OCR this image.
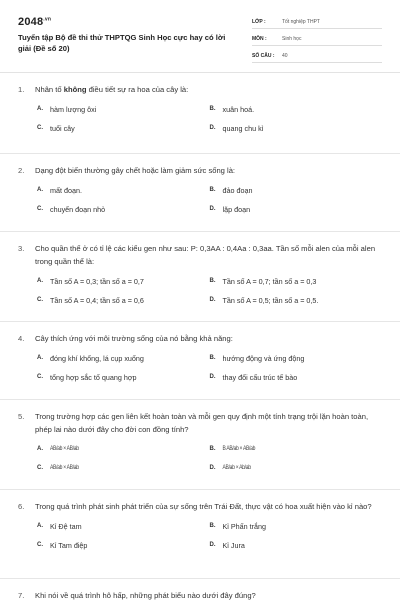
$2048^{.vn}$
Tuyển tập Bộ đề thi thử THPTQG Sinh Học cực hay có lời giải (Đề số 20)
LỚP :	Tốt nghiệp THPT
MÔN :	Sinh học
SỐ CÂU :	40
1.	Nhân tố không điều tiết sự ra hoa của cây là:
A. hàm lượng ôxi	B. xuân hoá.
C. tuổi cây	D. quang chu kì
2.	Dạng đột biến thường gây chết hoặc làm giảm sức sống là:
A. mất đoạn.	B. đảo đoạn
C. chuyển đoạn nhỏ	D. lặp đoạn
3.	Cho quần thể ở có tỉ lệ các kiểu gen như sau: P: 0,3AA : 0,4Aa : 0,3aa. Tần số mỗi alen của mỗi alen trong quần thể là:
A. Tần số A = 0,3; tần số a = 0,7	B. Tần số A = 0,7; tần số a = 0,3
C. Tần số A = 0,4; tần số a = 0,6	D. Tần số A = 0,5; tần số a = 0,5.
4.	Cây thích ứng với môi trường sống của nó bằng khả năng:
A. đóng khí khổng, lá cụp xuống	B. hướng động và ứng động
C. tổng hợp sắc tố quang hợp	D. thay đổi cấu trúc tế bào
5.	Trong trường hợp các gen liên kết hoàn toàn và mỗi gen quy định một tính trạng trội lặn hoàn toàn, phép lai nào dưới đây cho đời con đồng tính?
A.	AB/ab × AB/ab	B.	B AB/ab × AB/ab
C.	AB/ab × AB/ab	D.	AB/ab × Ab/ab
6.	Trong quá trình phát sinh phát triển của sự sống trên Trái Đất, thực vật có hoa xuất hiện vào kỉ nào?
A. Kỉ Đệ tam	B. Kỉ Phấn trắng
C. Kỉ Tam điệp	D. Kỉ Jura
7.	Khi nói về quá trình hô hấp, những phát biểu nào dưới đây đúng?
